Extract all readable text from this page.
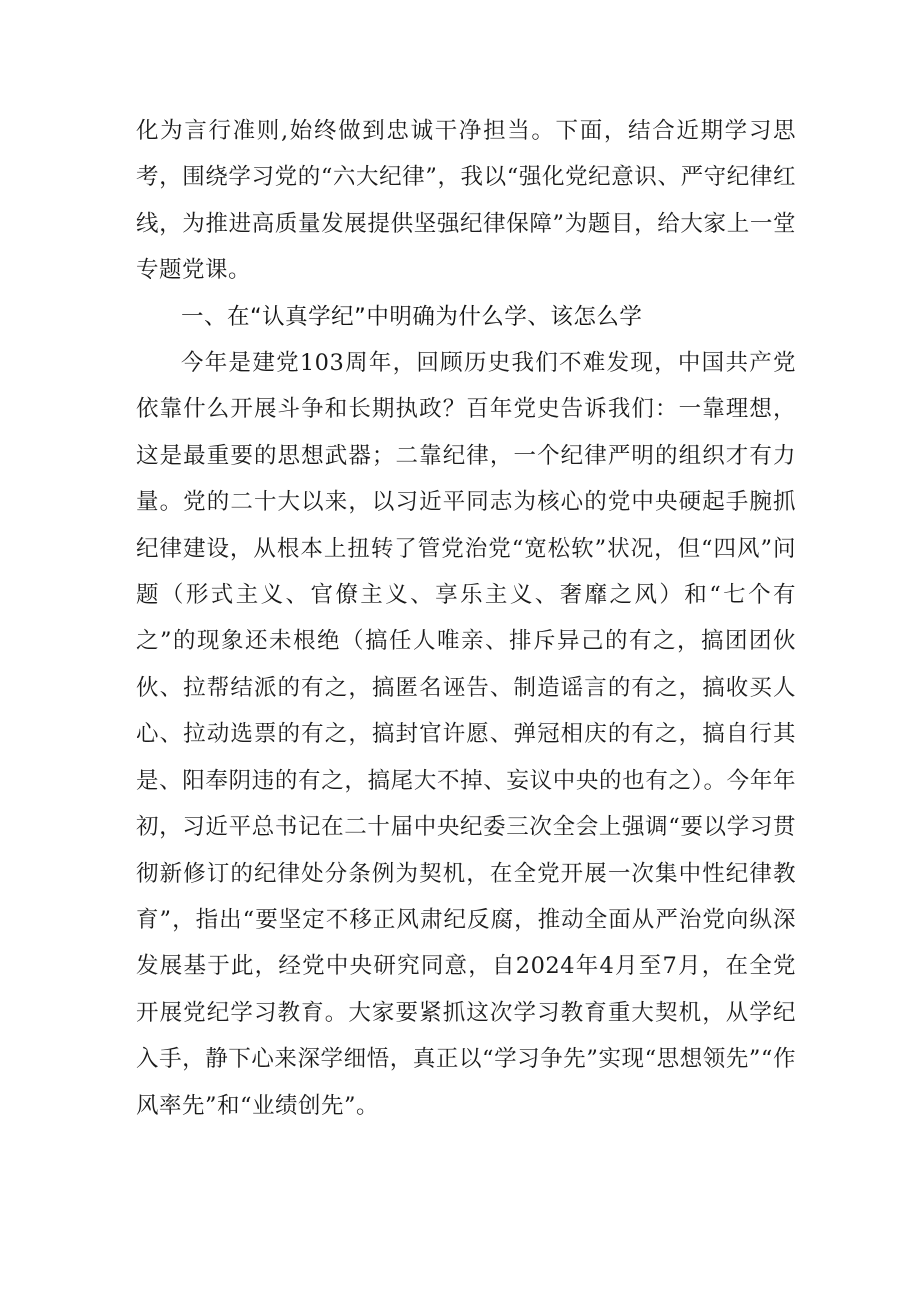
化为言行准则,始终做到忠诚干净担当。下面，结合近期学习思考，围绕学习党的“六大纪律”，我以“强化党纪意识、严守纪律红线，为推进高质量发展提供坚强纪律保障”为题目，给大家上一堂专题党课。

一、在“认真学纪”中明确为什么学、该怎么学

今年是建党103周年，回顾历史我们不难发现，中国共产党依靠什么开展斗争和长期执政？百年党史告诉我们：一靠理想，这是最重要的思想武器；二靠纪律，一个纪律严明的组织才有力量。党的二十大以来，以习近平同志为核心的党中央硬起手腕抓纪律建设，从根本上扭转了管党治党“宽松软”状况，但“四风”问题（形式主义、官僚主义、享乐主义、奢靡之风）和“七个有之”的现象还未根绝（搞任人唯亲、排斥异己的有之，搞团团伙伙、拉帮结派的有之，搞匿名诬告、制造谣言的有之，搞收买人心、拉动选票的有之，搞封官许愿、弹冠相庆的有之，搞自行其是、阳奉阴违的有之，搞尾大不掉、妄议中央的也有之）。今年年初，习近平总书记在二十届中央纪委三次全会上强调“要以学习贯彻新修订的纪律处分条例为契机，在全党开展一次集中性纪律教育”，指出“要坚定不移正风肃纪反腐，推动全面从严治党向纵深发展基于此，经党中央研究同意，自2024年4月至7月，在全党开展党纪学习教育。大家要紧抓这次学习教育重大契机，从学纪入手，静下心来深学细悟，真正以“学习争先”实现“思想领先”“作风率先”和“业绩创先”。
